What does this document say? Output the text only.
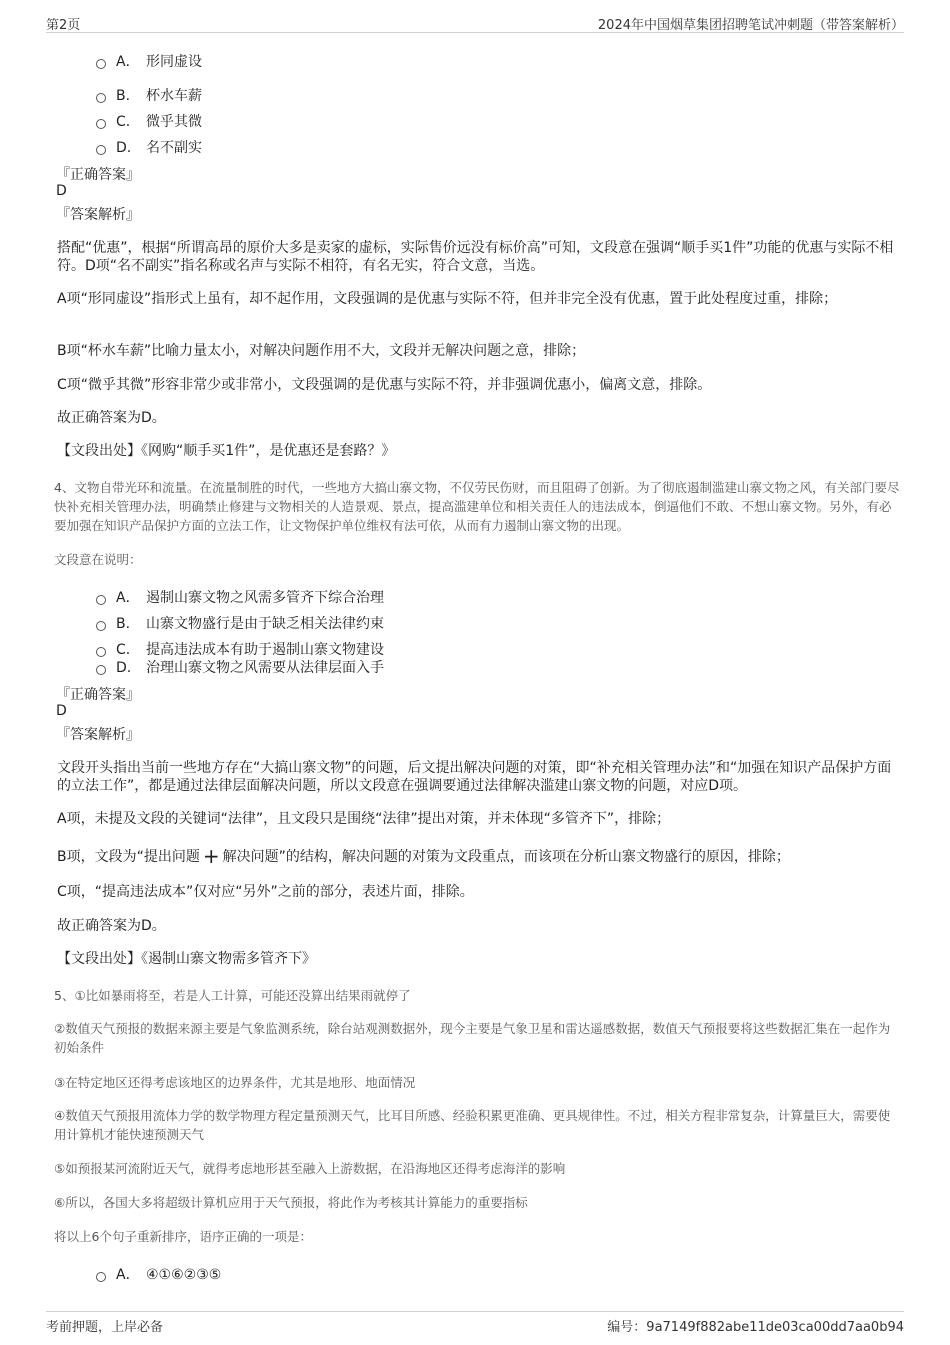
第2页	2024年中国烟草集团招聘笔试冲刺题（带答案解析）
A． 形同虚设
B. 杯水车薪
C. 微乎其微
D. 名不副实
『正确答案』
D
『答案解析』
搭配“优惠”，根据“所谓高昂的原价大多是卖家的虚标，实际售价远没有标价高”可知，文段意在强调“顺手买1件”功能的优惠与实际不相符。D项“名不副实”指名称或名声与实际不相符，有名无实，符合文意，当选。
A项“形同虚设”指形式上虽有，却不起作用，文段强调的是优惠与实际不符，但并非完全没有优惠，置于此处程度过重，排除；
B项“杯水车薪”比喻力量太小，对解决问题作用不大，文段并无解决问题之意，排除；
C项“微乎其微”形容非常少或非常小，文段强调的是优惠与实际不符，并非强调优惠小，偏离文意，排除。
故正确答案为D。
【文段出处】《网购“顺手买1件”，是优惠还是套路？》
4、文物自带光环和流量。在流量制胜的时代，一些地方大搞山寨文物，不仅劳民伤财，而且阻碍了创新。为了彻底遏制滥建山寨文物之风，有关部门要尽快补充相关管理办法，明确禁止修建与文物相关的人造景观、景点，提高滥建单位和相关责任人的违法成本，倒逼他们不敢、不想山寨文物。另外，有必要加强在知识产品保护方面的立法工作，让文物保护单位维权有法可依，从而有力遏制山寨文物的出现。
文段意在说明：
A． 遏制山寨文物之风需多管齐下综合治理
B. 山寨文物盛行是由于缺乏相关法律约束
C. 提高违法成本有助于遏制山寨文物建设
D. 治理山寨文物之风需要从法律层面入手
『正确答案』
D
『答案解析』
文段开头指出当前一些地方存在“大搞山寨文物”的问题，后文提出解决问题的对策，即“补充相关管理办法”和“加强在知识产品保护方面的立法工作”，都是通过法律层面解决问题，所以文段意在强调要通过法律解决滥建山寨文物的问题，对应D项。
A项，未提及文段的关键词“法律”，且文段只是围绕“法律”提出对策，并未体现“多管齐下”，排除；
B项，文段为“提出问题 + 解决问题”的结构，解决问题的对策为文段重点，而该项在分析山寨文物盛行的原因，排除；
C项，“提高违法成本”仅对应“另外”之前的部分，表述片面，排除。
故正确答案为D。
【文段出处】《遏制山寨文物需多管齐下》
5、①比如暴雨将至，若是人工计算，可能还没算出结果雨就停了
②数值天气预报的数据来源主要是气象监测系统，除台站观测数据外，现今主要是气象卫星和雷达遥感数据，数值天气预报要将这些数据汇集在一起作为初始条件
③在特定地区还得考虑该地区的边界条件，尤其是地形、地面情况
④数值天气预报用流体力学的数学物理方程定量预测天气，比耳目所感、经验积累更准确、更具规律性。不过，相关方程非常复杂，计算量巨大，需要使用计算机才能快速预测天气
⑤如预报某河流附近天气，就得考虑地形甚至融入上游数据，在沿海地区还得考虑海洋的影响
⑥所以，各国大多将超级计算机应用于天气预报，将此作为考核其计算能力的重要指标
将以上6个句子重新排序，语序正确的一项是：
A． ④①⑥②③⑤
考前押题，上岸必备	编号：9a7149f882abe11de03ca00dd7aa0b94
